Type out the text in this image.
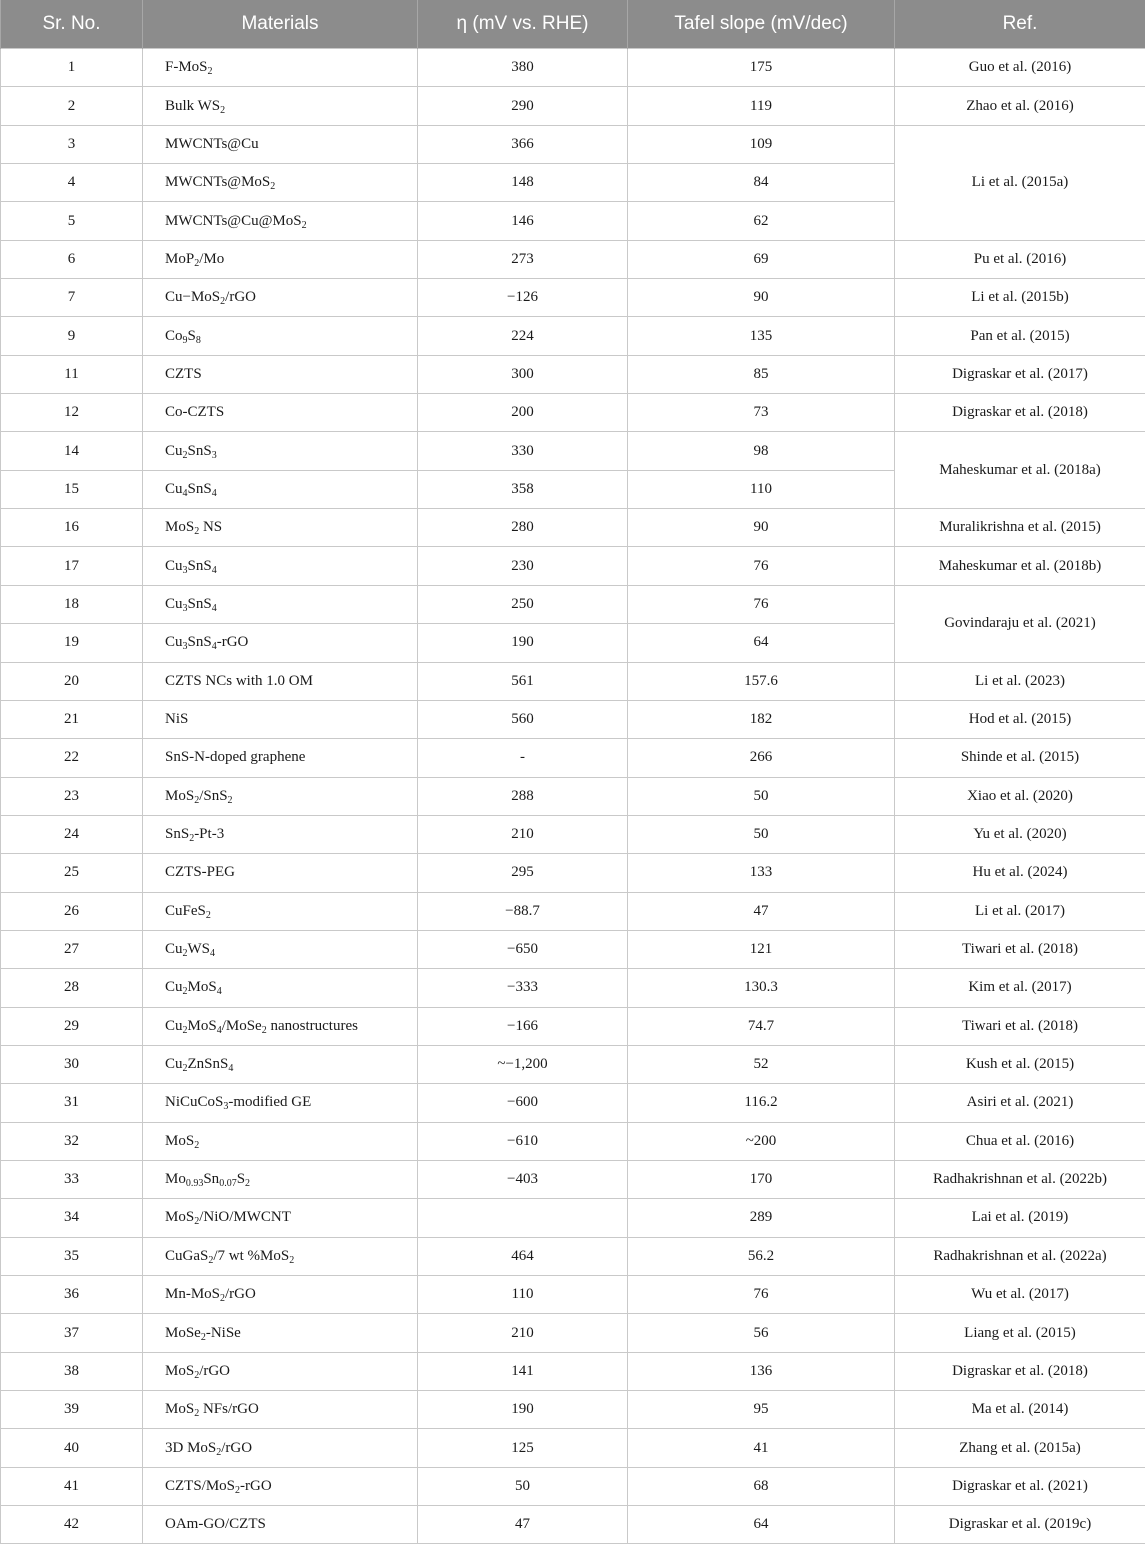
Sr. No.	Materials	η (mV vs. RHE)	Tafel slope (mV/dec)	Ref.
1	F-MoS$_2$	380	175	Guo et al. (2016)
2	Bulk $WS_2$	290	119	Zhao et al. (2016)
3	MWCNTs@Cu	366	109	Li et al. (2015a)
4	MWCNTs@MoS$_2$	148	84	
5	MWCNTs@Cu@MoS$_2$	146	62	
6	MoP$_2$/Mo	273	69	Pu et al. (2016)
7	Cu−MoS$_2$/rGO	−126	90	Li et al. (2015b)
9	$Co_9S_8$	224	135	Pan et al. (2015)
11	CZTS	300	85	Digraskar et al. (2017)
12	Co-CZTS	200	73	Digraskar et al. (2018)
14	$Cu_2SnS_3$	330	98	Maheskumar et al. (2018a)
15	$Cu_4SnS_4$	358	110	
16	MoS$_2$ NS	280	90	Muralikrishna et al. (2015)
17	$Cu_3SnS_4$	230	76	Maheskumar et al. (2018b)
18	$Cu_3SnS_4$	250	76	Govindaraju et al. (2021)
19	$Cu_3SnS_4$-rGO	190	64	
20	CZTS NCs with 1.0 OM	561	157.6	Li et al. (2023)
21	NiS	560	182	Hod et al. (2015)
22	SnS-N-doped graphene	-	266	Shinde et al. (2015)
23	MoS$_2$/SnS$_2$	288	50	Xiao et al. (2020)
24	SnS$_2$-Pt-3	210	50	Yu et al. (2020)
25	CZTS-PEG	295	133	Hu et al. (2024)
26	CuFeS$_2$	−88.7	47	Li et al. (2017)
27	$Cu_2WS_4$	−650	121	Tiwari et al. (2018)
28	$Cu_2MoS_4$	−333	130.3	Kim et al. (2017)
29	$Cu_2MoS_4/MoSe_2$ nanostructures	−166	74.7	Tiwari et al. (2018)
30	$Cu_2ZnSnS_4$	~−1,200	52	Kush et al. (2015)
31	NiCuCoS$_3$-modified GE	−600	116.2	Asiri et al. (2021)
32	MoS$_2$	−610	~200	Chua et al. (2016)
33	$Mo_{0.93}Sn_{0.07}S_2$	−403	170	Radhakrishnan et al. (2022b)
34	MoS$_2$/NiO/MWCNT		289	Lai et al. (2019)
35	CuGaS$_2$/7 wt %MoS$_2$	464	56.2	Radhakrishnan et al. (2022a)
36	Mn-MoS$_2$/rGO	110	76	Wu et al. (2017)
37	MoSe$_2$-NiSe	210	56	Liang et al. (2015)
38	MoS$_2$/rGO	141	136	Digraskar et al. (2018)
39	MoS$_2$ NFs/rGO	190	95	Ma et al. (2014)
40	3D MoS$_2$/rGO	125	41	Zhang et al. (2015a)
41	CZTS/MoS$_2$-rGO	50	68	Digraskar et al. (2021)
42	OAm-GO/CZTS	47	64	Digraskar et al. (2019c)
